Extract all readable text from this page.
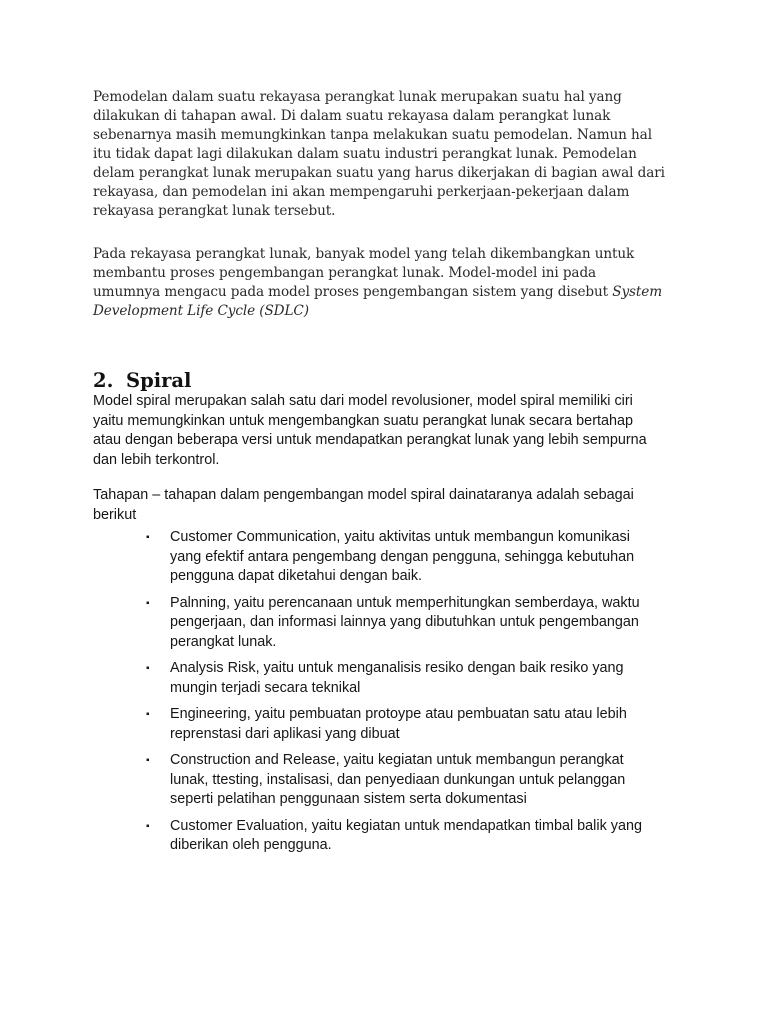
Pemodelan dalam suatu rekayasa perangkat lunak merupakan suatu hal yang
dilakukan di tahapan awal. Di dalam suatu rekayasa dalam perangkat lunak
sebenarnya masih memungkinkan tanpa melakukan suatu pemodelan. Namun hal
itu tidak dapat lagi dilakukan dalam suatu industri perangkat lunak. Pemodelan
delam perangkat lunak merupakan suatu yang harus dikerjakan di bagian awal dari
rekayasa, dan pemodelan ini akan mempengaruhi perkerjaan-pekerjaan dalam
rekayasa perangkat lunak tersebut.
Pada rekayasa perangkat lunak, banyak model yang telah dikembangkan untuk
membantu proses pengembangan perangkat lunak. Model-model ini pada
umumnya mengacu pada model proses pengembangan sistem yang disebut System
Development Life Cycle (SDLC)
2. Spiral
Model spiral merupakan salah satu dari model revolusioner, model spiral memiliki ciri
yaitu memungkinkan untuk mengembangkan suatu perangkat lunak secara bertahap
atau dengan beberapa versi untuk mendapatkan perangkat lunak yang lebih sempurna
dan lebih terkontrol.
Tahapan – tahapan dalam pengembangan model spiral dainataranya adalah sebagai
berikut
▪ Customer Communication, yaitu aktivitas untuk membangun komunikasi
yang efektif antara pengembang dengan pengguna, sehingga kebutuhan
pengguna dapat diketahui dengan baik.
▪ Palnning, yaitu perencanaan untuk memperhitungkan semberdaya, waktu
pengerjaan, dan informasi lainnya yang dibutuhkan untuk pengembangan
perangkat lunak.
▪ Analysis Risk, yaitu untuk menganalisis resiko dengan baik resiko yang
mungin terjadi secara teknikal
▪ Engineering, yaitu pembuatan protoype atau pembuatan satu atau lebih
reprenstasi dari aplikasi yang dibuat
▪ Construction and Release, yaitu kegiatan untuk membangun perangkat
lunak, ttesting, instalisasi, dan penyediaan dunkungan untuk pelanggan
seperti pelatihan penggunaan sistem serta dokumentasi
▪ Customer Evaluation, yaitu kegiatan untuk mendapatkan timbal balik yang
diberikan oleh pengguna.
